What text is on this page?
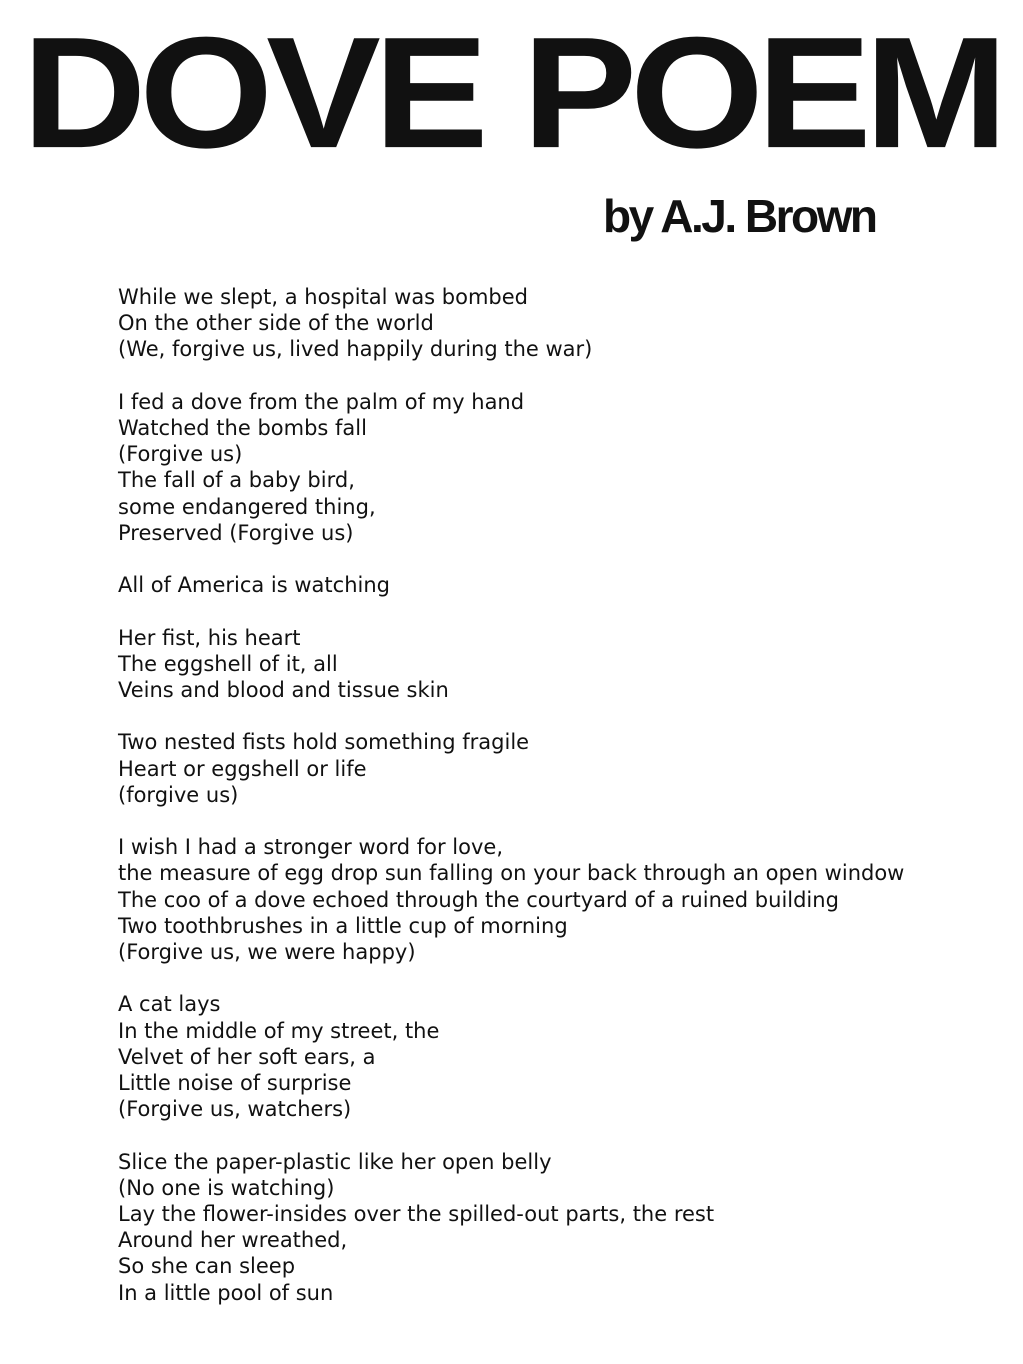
DOVE POEM
by A.J. Brown
While we slept, a hospital was bombed
On the other side of the world
(We, forgive us, lived happily during the war)
I fed a dove from the palm of my hand
Watched the bombs fall
(Forgive us)
The fall of a baby bird,
some endangered thing,
Preserved (Forgive us)
All of America is watching
Her fist, his heart
The eggshell of it, all
Veins and blood and tissue skin
Two nested fists hold something fragile
Heart or eggshell or life
(forgive us)
I wish I had a stronger word for love,
the measure of egg drop sun falling on your back through an open window
The coo of a dove echoed through the courtyard of a ruined building
Two toothbrushes in a little cup of morning
(Forgive us, we were happy)
A cat lays
In the middle of my street, the
Velvet of her soft ears, a
Little noise of surprise
(Forgive us, watchers)
Slice the paper-plastic like her open belly
(No one is watching)
Lay the flower-insides over the spilled-out parts, the rest
Around her wreathed,
So she can sleep
In a little pool of sun
